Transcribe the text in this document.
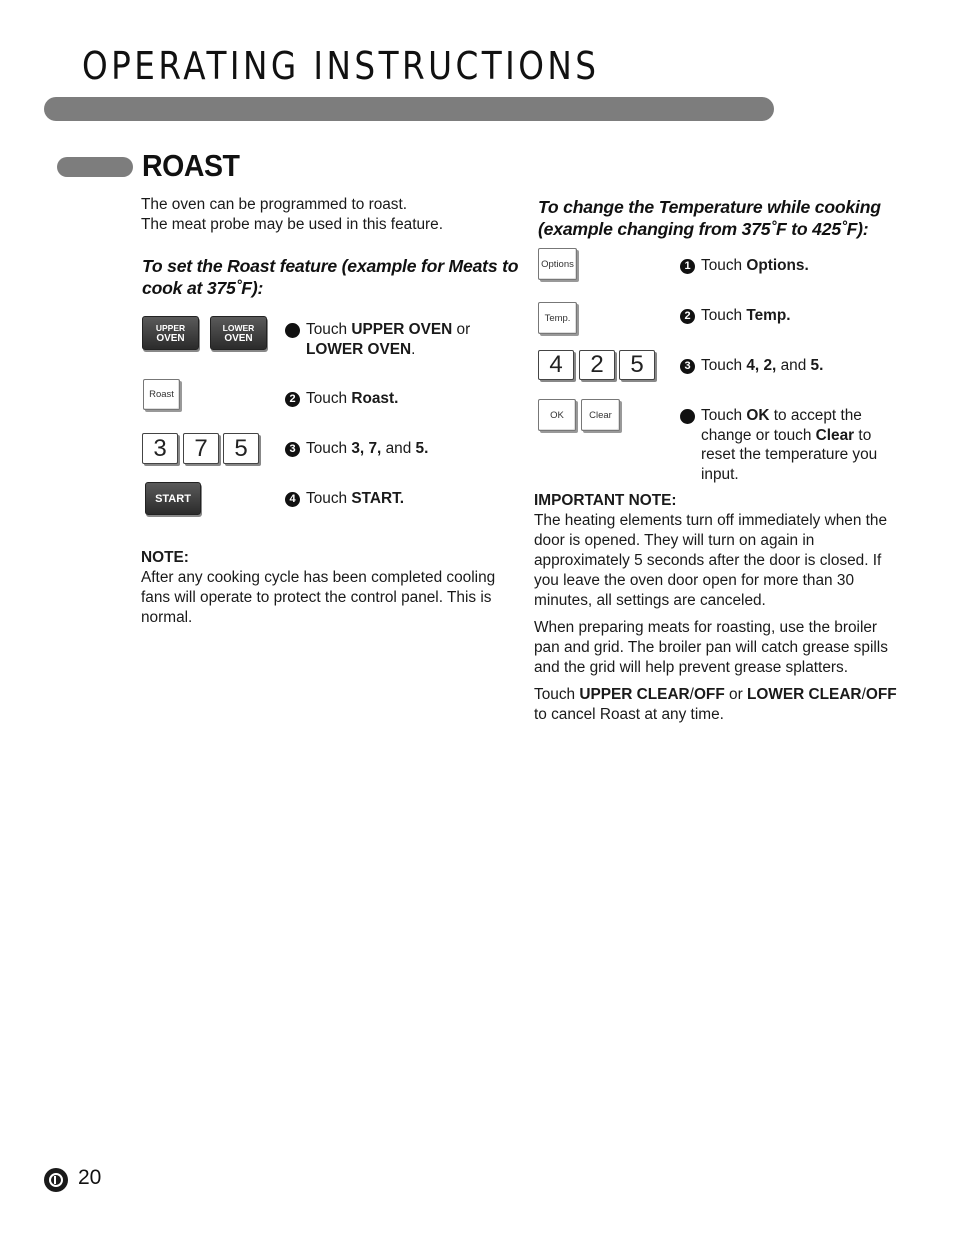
OPERATING INSTRUCTIONS
ROAST
The oven can be programmed to roast.
The meat probe may be used in this feature.
To set the Roast feature (example for Meats to cook at 375˚F):
UPPER
OVEN
LOWER
OVEN
Roast
3	7	5
START
1 Touch UPPER OVEN or
LOWER OVEN.
2 Touch Roast.
3 Touch 3, 7, and 5.
4 Touch START.
NOTE:
After any cooking cycle has been completed cooling
fans will operate to protect the control panel. This is
normal.
To change the Temperature while cooking
(example changing from 375˚F to 425˚F):
Options
Temp.
4	2	5
OK	Clear
1 Touch Options.
2 Touch Temp.
3 Touch 4, 2, and 5.
4 Touch OK to accept the
change or touch Clear to
reset the temperature you
input.
IMPORTANT NOTE:
The heating elements turn off immediately when the
door is opened. They will turn on again in
approximately 5 seconds after the door is closed. If
you leave the oven door open for more than 30
minutes, all settings are canceled.
When preparing meats for roasting, use the broiler
pan and grid. The broiler pan will catch grease spills
and the grid will help prevent grease splatters.
Touch UPPER CLEAR/OFF or LOWER CLEAR/OFF
to cancel Roast at any time.
20
